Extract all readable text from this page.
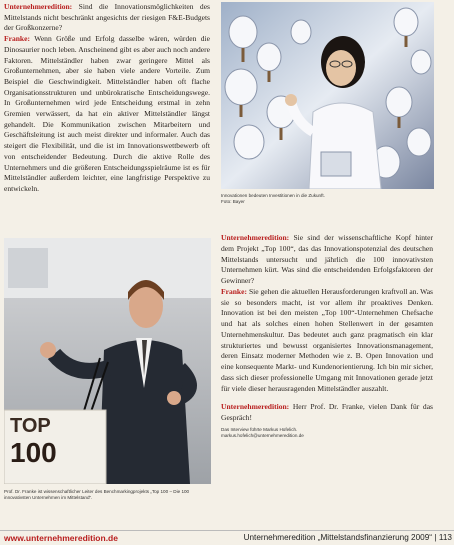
Unternehmeredition: Sind die Innovationsmöglichkeiten des Mittelstands nicht beschränkt angesichts der riesigen F&E-Budgets der Großkonzerne?

Franke: Wenn Größe und Erfolg dasselbe wären, würden die Dinosaurier noch leben. Anscheinend gibt es aber auch noch andere Faktoren. Mittelständler haben zwar geringere Mittel als Großunternehmen, aber sie haben viele andere Vorteile. Zum Beispiel die Geschwindigkeit. Mittelständler haben oft flache Organisationsstrukturen und unbürokratische Entscheidungswege. In Großunternehmen wird jede Entscheidung erstmal in zehn Gremien verwässert, da hat ein aktiver Mittelständler längst gehandelt. Die Kommunikation zwischen Mitarbeitern und Geschäftsleitung ist auch meist direkter und informaler. Auch das steigert die Flexibilität, und die ist im Innovationswettbewerb oft von entscheidender Bedeutung. Durch die aktive Rolle des Unternehmers und die größeren Entscheidungsspielräume ist es für Mittelständler außerdem leichter, eine langfristige Perspektive zu entwickeln.

Innovationen bedeuten Investitionen in die Zukunft.
Foto: Bayer
TOP
100
Prof. Dr. Franke ist wissenschaftlicher Leiter des Benchmarkingprojekts „Top 100 – Die 100 innovativsten Unternehmen im Mittelstand“.

Unternehmeredition: Sie sind der wissenschaftliche Kopf hinter dem Projekt „Top 100“, das das Innovationspotenzial des deutschen Mittelstands untersucht und jährlich die 100 innovativsten Unternehmen kürt. Was sind die entscheidenden Erfolgsfaktoren der Gewinner?

Franke: Sie gehen die aktuellen Herausforderungen kraftvoll an. Was sie so besonders macht, ist vor allem ihr proaktives Denken. Innovation ist bei den meisten „Top 100“-Unternehmen Chefsache und hat als solches einen hohen Stellenwert in der gesamten Unternehmenskultur. Das bedeutet auch ganz pragmatisch ein klar strukturiertes und bewusst organisiertes Innovationsmanagement, deren Einsatz moderner Methoden wie z. B. Open Innovation und eine konsequente Markt- und Kundenorientierung. Ich bin mir sicher, dass sich dieser professionelle Umgang mit Innovationen gerade jetzt für viele dieser herausragenden Mittelständler auszahlt.

Unternehmeredition: Herr Prof. Dr. Franke, vielen Dank für das Gespräch!

Das Interview führte Markus Hofelich.
markus.hofelich@unternehmeredition.de
www.unternehmeredition.de	Unternehmeredition „Mittelstandsfinanzierung 2009“ | 113
